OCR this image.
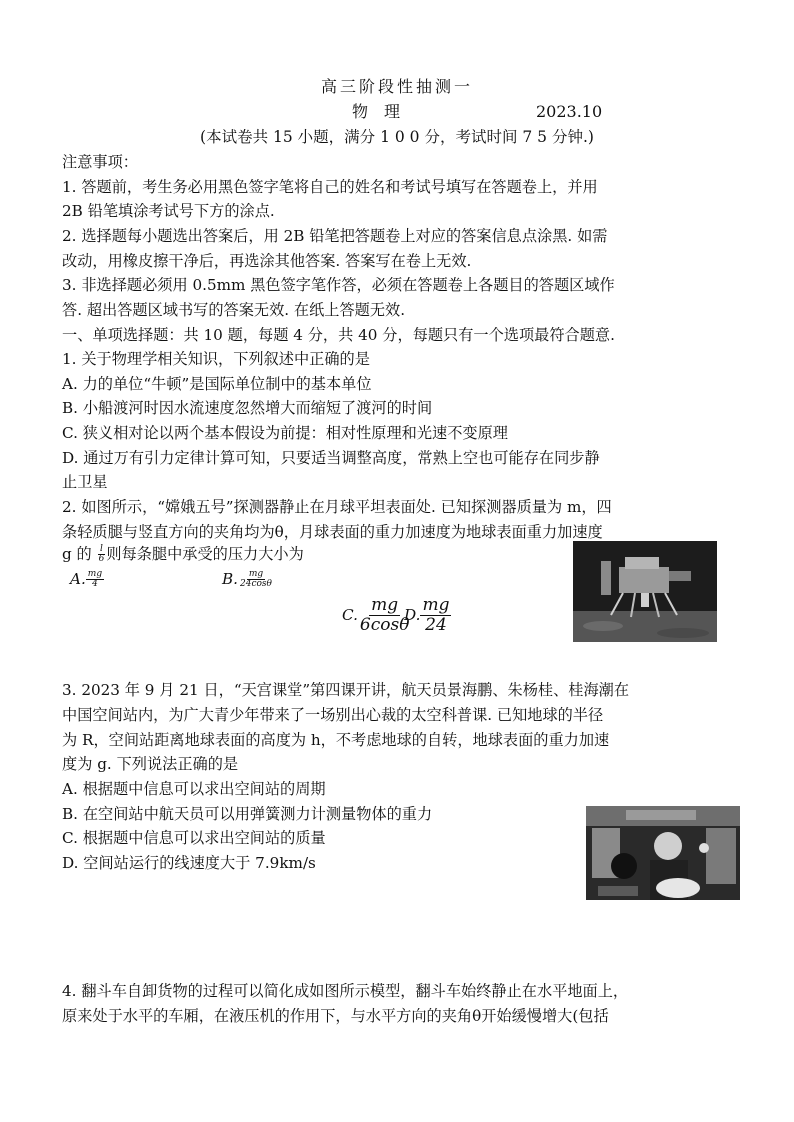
高三阶段性抽测一
物　理	2023.10
(本试卷共 15 小题，满分 1 0 0 分，考试时间 7 5 分钟.)
注意事项：
1. 答题前，考生务必用黑色签字笔将自己的姓名和考试号填写在答题卷上，并用
2B 铅笔填涂考试号下方的涂点.
2. 选择题每小题选出答案后，用 2B 铅笔把答题卷上对应的答案信息点涂黑. 如需
改动，用橡皮擦干净后，再选涂其他答案. 答案写在卷上无效.
3. 非选择题必须用 0.5mm 黑色签字笔作答，必须在答题卷上各题目的答题区域作
答. 超出答题区域书写的答案无效. 在纸上答题无效.
一、单项选择题：共 10 题，每题 4 分，共 40 分，每题只有一个选项最符合题意.
1. 关于物理学相关知识，下列叙述中正确的是
A. 力的单位“牛顿”是国际单位制中的基本单位
B. 小船渡河时因水流速度忽然增大而缩短了渡河的时间
C. 狭义相对论以两个基本假设为前提：相对性原理和光速不变原理
D. 通过万有引力定律计算可知，只要适当调整高度，常熟上空也可能存在同步静
止卫星
2. 如图所示，“嫦娥五号”探测器静止在月球平坦表面处. 已知探测器质量为 m，四
条轻质腿与竖直方向的夹角均为θ，月球表面的重力加速度为地球表面重力加速度
g 的 $\frac{l}{6}$ 则每条腿中承受的压力大小为
A. $\frac{mg}{4}$	B. $\frac{mg}{24\cos\theta}$
C. $\frac{mg}{6\cos\theta}$
D. $\frac{mg}{24}$
3. 2023 年 9 月 21 日，“天宫课堂”第四课开讲，航天员景海鹏、朱杨桂、桂海潮在
中国空间站内，为广大青少年带来了一场别出心裁的太空科普课. 已知地球的半径
为 R，空间站距离地球表面的高度为 h，不考虑地球的自转，地球表面的重力加速
度为 g. 下列说法正确的是
A. 根据题中信息可以求出空间站的周期
B. 在空间站中航天员可以用弹簧测力计测量物体的重力
C. 根据题中信息可以求出空间站的质量
D. 空间站运行的线速度大于 7.9km/s
4. 翻斗车自卸货物的过程可以简化成如图所示模型，翻斗车始终静止在水平地面上，
原来处于水平的车厢，在液压机的作用下，与水平方向的夹角θ开始缓慢增大(包括
